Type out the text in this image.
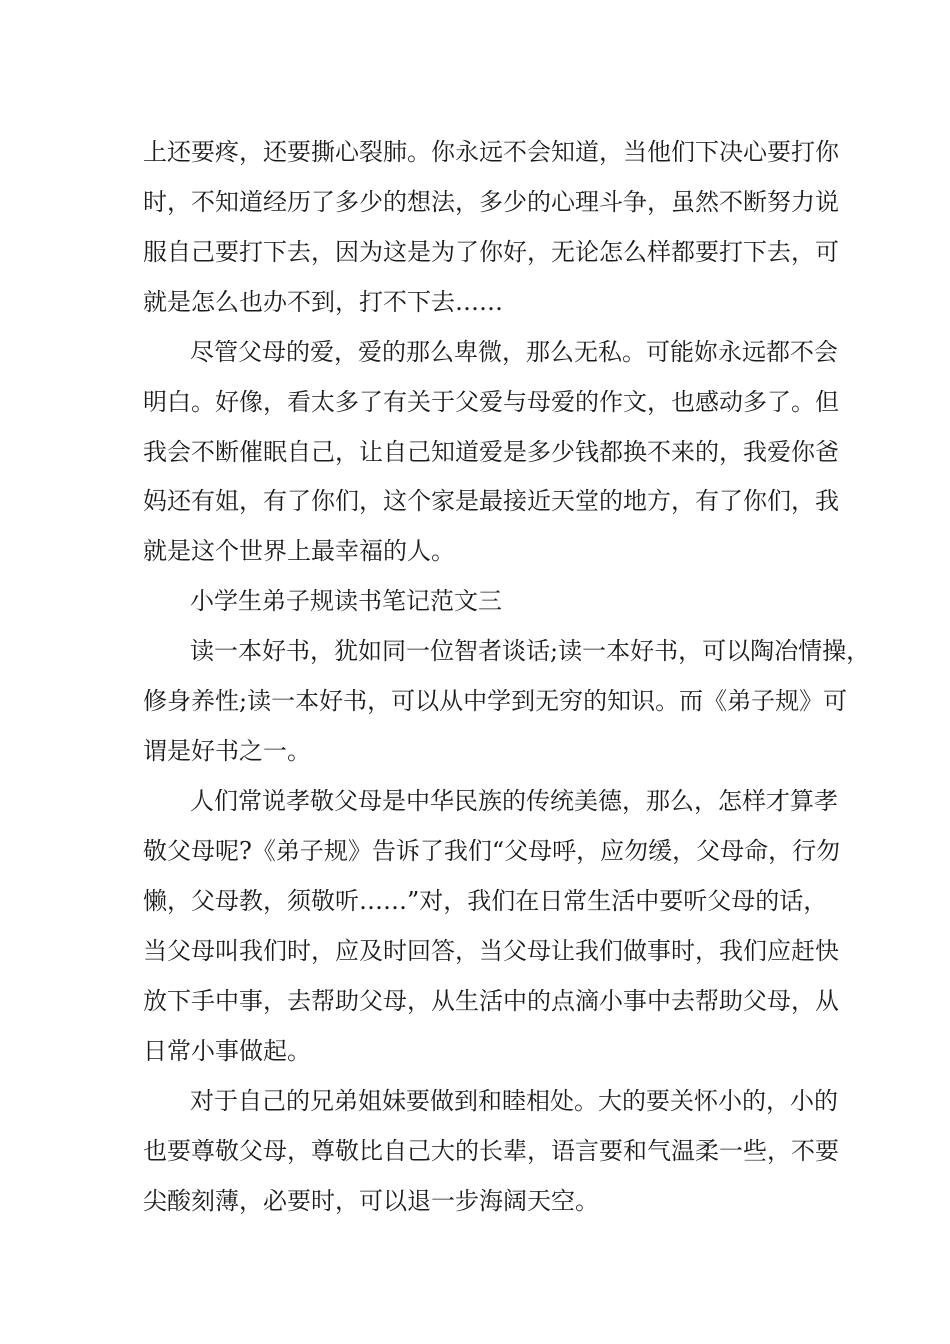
上还要疼，还要撕心裂肺。你永远不会知道，当他们下决心要打你
时，不知道经历了多少的想法，多少的心理斗争，虽然不断努力说
服自己要打下去，因为这是为了你好，无论怎么样都要打下去，可
就是怎么也办不到，打不下去……
尽管父母的爱，爱的那么卑微，那么无私。可能妳永远都不会
明白。好像，看太多了有关于父爱与母爱的作文，也感动多了。但
我会不断催眠自己，让自己知道爱是多少钱都换不来的，我爱你爸
妈还有姐，有了你们，这个家是最接近天堂的地方，有了你们，我
就是这个世界上最幸福的人。
小学生弟子规读书笔记范文三
读一本好书，犹如同一位智者谈话;读一本好书，可以陶冶情操，
修身养性;读一本好书，可以从中学到无穷的知识。而《弟子规》可
谓是好书之一。
人们常说孝敬父母是中华民族的传统美德，那么，怎样才算孝
敬父母呢?《弟子规》告诉了我们“父母呼，应勿缓，父母命，行勿
懒，父母教，须敬听……”对，我们在日常生活中要听父母的话，
当父母叫我们时，应及时回答，当父母让我们做事时，我们应赶快
放下手中事，去帮助父母，从生活中的点滴小事中去帮助父母，从
日常小事做起。
对于自己的兄弟姐妹要做到和睦相处。大的要关怀小的，小的
也要尊敬父母，尊敬比自己大的长辈，语言要和气温柔一些，不要
尖酸刻薄，必要时，可以退一步海阔天空。
